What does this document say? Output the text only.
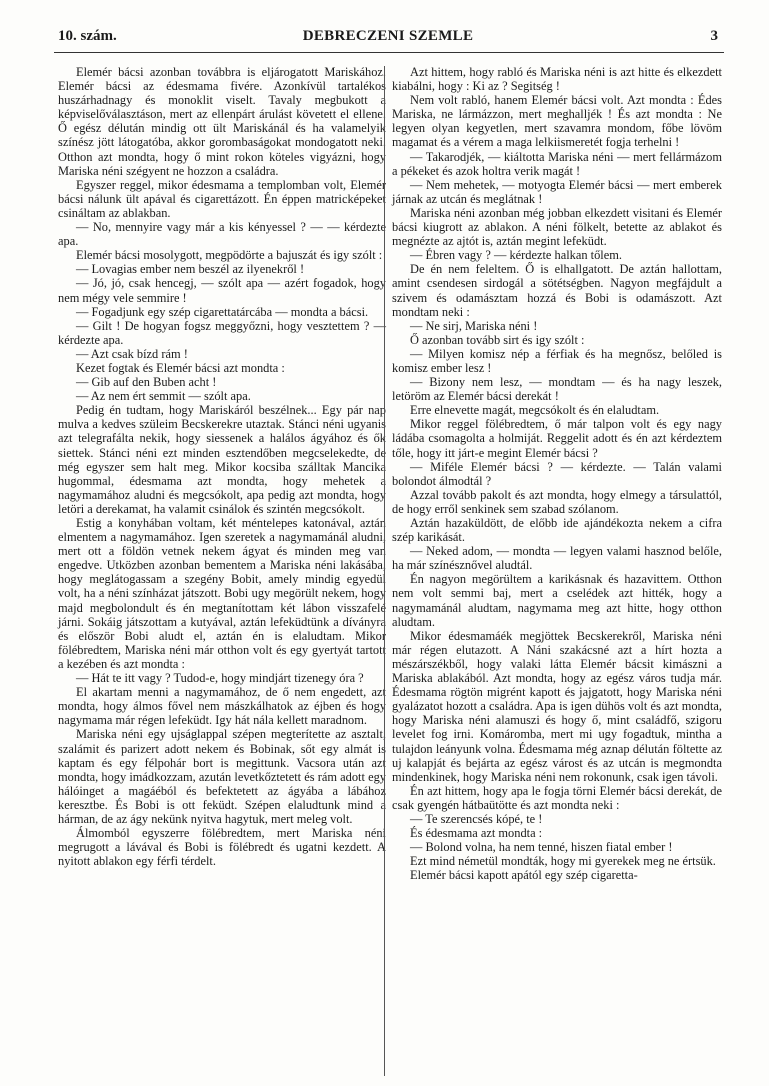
10. szám.	DEBRECZENI SZEMLE	3

Elemér bácsi azonban továbbra is eljárogatott Mariskához. Elemér bácsi az édesmama fivére. Azonkívül tartalékos huszárhadnagy és monoklit viselt. Tavaly megbukott a képviselőválasztáson, mert az ellenpárt árulást követett el ellene. Ő egész délután mindig ott ült Mariskánál és ha valamelyik színész jött látogatóba, akkor gorombaságokat mondogatott neki. Otthon azt mondta, hogy ő mint rokon köteles vigyázni, hogy Mariska néni szégyent ne hozzon a családra.

Egyszer reggel, mikor édesmama a templomban volt, Elemér bácsi nálunk ült apával és cigarettázott. Én éppen matricképeket csináltam az ablakban.

— No, mennyire vagy már a kis kényessel ? — — kérdezte apa.

Elemér bácsi mosolygott, megpödörte a bajuszát és igy szólt :

— Lovagias ember nem beszél az ilyenekről !

— Jó, jó, csak hencegj, — szólt apa — azért fogadok, hogy nem mégy vele semmire !

— Fogadjunk egy szép cigarettatárcába — mondta a bácsi.

— Gilt ! De hogyan fogsz meggyőzni, hogy vesztettem ? — kérdezte apa.

— Azt csak bízd rám !

Kezet fogtak és Elemér bácsi azt mondta :

— Gib auf den Buben acht !

— Az nem ért semmit — szólt apa.

Pedig én tudtam, hogy Mariskáról beszélnek... Egy pár nap mulva a kedves szüleim Becskerekre utaztak. Stánci néni ugyanis azt telegrafálta nekik, hogy siessenek a halálos ágyához és ők siettek. Stánci néni ezt minden esztendőben megcselekedte, de még egyszer sem halt meg. Mikor kocsiba szálltak Mancika hugommal, édesmama azt mondta, hogy mehetek a nagymamához aludni és megcsókolt, apa pedig azt mondta, hogy letöri a derekamat, ha valamit csinálok és szintén megcsókolt.

Estig a konyhában voltam, két méntelepes katonával, aztán elmentem a nagymamához. Igen szeretek a nagymamánál aludni, mert ott a földön vetnek nekem ágyat és minden meg van engedve. Utközben azonban bementem a Mariska néni lakásába, hogy meglátogassam a szegény Bobit, amely mindig egyedül volt, ha a néni színházat játszott. Bobi ugy megörült nekem, hogy majd megbolondult és én megtanítottam két lábon visszafelé járni. Sokáig játszottam a kutyával, aztán lefeküdtünk a díványra és először Bobi aludt el, aztán én is elaludtam. Mikor fölébredtem, Mariska néni már otthon volt és egy gyertyát tartott a kezében és azt mondta :

— Hát te itt vagy ? Tudod-e, hogy mindjárt tizenegy óra ?

El akartam menni a nagymamához, de ő nem engedett, azt mondta, hogy álmos fővel nem mászkálhatok az éjben és hogy nagymama már régen lefeküdt. Igy hát nála kellett maradnom.

Mariska néni egy ujságlappal szépen megterítette az asztalt, szalámit és parizert adott nekem és Bobinak, sőt egy almát is kaptam és egy félpohár bort is megittunk. Vacsora után azt mondta, hogy imádkozzam, azután levetkőztetett és rám adott egy hálóinget a magáéból és befektetett az ágyába a lábához keresztbe. És Bobi is ott feküdt. Szépen elaludtunk mind a hárman, de az ágy nekünk nyitva hagytuk, mert meleg volt.

Álmomból egyszerre fölébredtem, mert Mariska néni megrugott a lávával és Bobi is fölébredt és ugatni kezdett. A nyitott ablakon egy férfi térdelt.

Azt hittem, hogy rabló és Mariska néni is azt hitte és elkezdett kiabálni, hogy : Ki az ? Segitség !

Nem volt rabló, hanem Elemér bácsi volt. Azt mondta : Édes Mariska, ne lármázzon, mert meghalljék ! És azt mondta : Ne legyen olyan kegyetlen, mert szavamra mondom, főbe lövöm magamat és a vérem a maga lelkiismeretét fogja terhelni !

— Takarodjék, — kiáltotta Mariska néni — mert fellármázom a pékeket és azok holtra verik magát !

— Nem mehetek, — motyogta Elemér bácsi — mert emberek járnak az utcán és meglátnak !

Mariska néni azonban még jobban elkezdett visitani és Elemér bácsi kiugrott az ablakon. A néni fölkelt, betette az ablakot és megnézte az ajtót is, aztán megint lefeküdt.

— Ébren vagy ? — kérdezte halkan tőlem.

De én nem feleltem. Ő is elhallgatott. De aztán hallottam, amint csendesen sirdogál a sötétségben. Nagyon megfájdult a szivem és odamásztam hozzá és Bobi is odamászott. Azt mondtam neki :

— Ne sirj, Mariska néni !

Ő azonban tovább sirt és igy szólt :

— Milyen komisz nép a férfiak és ha megnősz, belőled is komisz ember lesz !

— Bizony nem lesz, — mondtam — és ha nagy leszek, letöröm az Elemér bácsi derekát !

Erre elnevette magát, megcsókolt és én elaludtam.

Mikor reggel fölébredtem, ő már talpon volt és egy nagy ládába csomagolta a holmiját. Reggelit adott és én azt kérdeztem tőle, hogy itt járt-e megint Elemér bácsi ?

— Miféle Elemér bácsi ? — kérdezte. — Talán valami bolondot álmodtál ?

Azzal tovább pakolt és azt mondta, hogy elmegy a társulattól, de hogy erről senkinek sem szabad szólanom.

Aztán hazaküldött, de előbb ide ajándékozta nekem a cifra szép karikását.

— Neked adom, — mondta — legyen valami hasznod belőle, ha már színésznővel aludtál.

Én nagyon megörültem a karikásnak és hazavittem. Otthon nem volt semmi baj, mert a cselédek azt hitték, hogy a nagymamánál aludtam, nagymama meg azt hitte, hogy otthon aludtam.

Mikor édesmamáék megjöttek Becskerekről, Mariska néni már régen elutazott. A Náni szakácsné azt a hírt hozta a mészárszékből, hogy valaki látta Elemér bácsit kimászni a Mariska ablakából. Azt mondta, hogy az egész város tudja már. Édesmama rögtön migrént kapott és jajgatott, hogy Mariska néni gyalázatot hozott a családra. Apa is igen dühös volt és azt mondta, hogy Mariska néni alamuszi és hogy ő, mint családfő, szigoru levelet fog irni. Komáromba, mert mi ugy fogadtuk, mintha a tulajdon leányunk volna. Édesmama még aznap délután föltette az uj kalapját és bejárta az egész várost és az utcán is megmondta mindenkinek, hogy Mariska néni nem rokonunk, csak igen távoli.

Én azt hittem, hogy apa le fogja törni Elemér bácsi derekát, de csak gyengén hátbaütötte és azt mondta neki :

— Te szerencsés kópé, te !

És édesmama azt mondta :

— Bolond volna, ha nem tenné, hiszen fiatal ember !

Ezt mind németül mondták, hogy mi gyerekek meg ne értsük.

Elemér bácsi kapott apától egy szép cigaretta-
